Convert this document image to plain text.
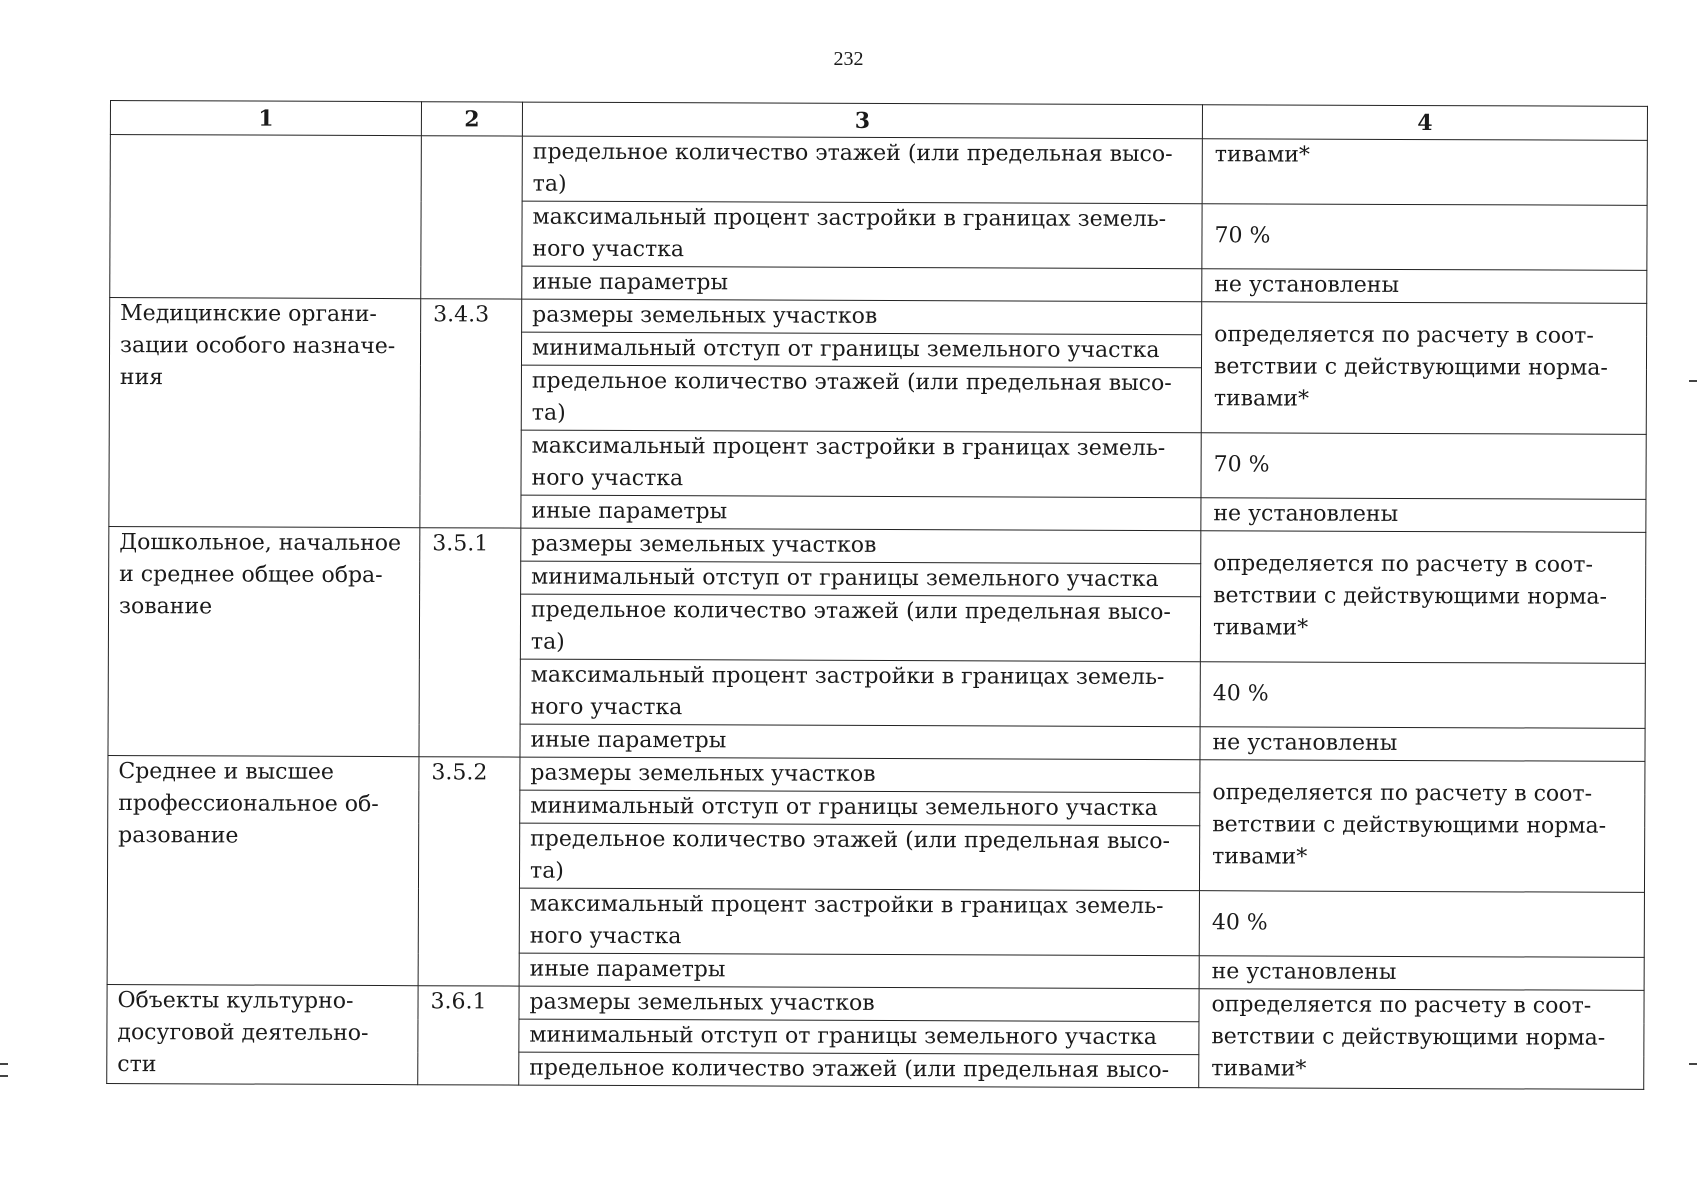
232
1	2	3	4
		предельное количество этажей (или предельная высо-та)	тивами*
		максимальный процент застройки в границах земель-ного участка	70 %
		иные параметры	не установлены
Медицинские органи-зации особого назначе-ния	3.4.3	размеры земельных участков	определяется по расчету в соот-ветствии с действующими норма-тивами*
		минимальный отступ от границы земельного участка	
		предельное количество этажей (или предельная высо-та)	
		максимальный процент застройки в границах земель-ного участка	70 %
		иные параметры	не установлены
Дошкольное, начальное и среднее общее обра-зование	3.5.1	размеры земельных участков	определяется по расчету в соот-ветствии с действующими норма-тивами*
		минимальный отступ от границы земельного участка	
		предельное количество этажей (или предельная высо-та)	
		максимальный процент застройки в границах земель-ного участка	40 %
		иные параметры	не установлены
Среднее и высшее профессиональное об-разование	3.5.2	размеры земельных участков	определяется по расчету в соот-ветствии с действующими норма-тивами*
		минимальный отступ от границы земельного участка	
		предельное количество этажей (или предельная высо-та)	
		максимальный процент застройки в границах земель-ного участка	40 %
		иные параметры	не установлены
Объекты культурно-досуговой деятельно-сти	3.6.1	размеры земельных участков	определяется по расчету в соот-ветствии с действующими норма-тивами*
		минимальный отступ от границы земельного участка	
		предельное количество этажей (или предельная высо-	
